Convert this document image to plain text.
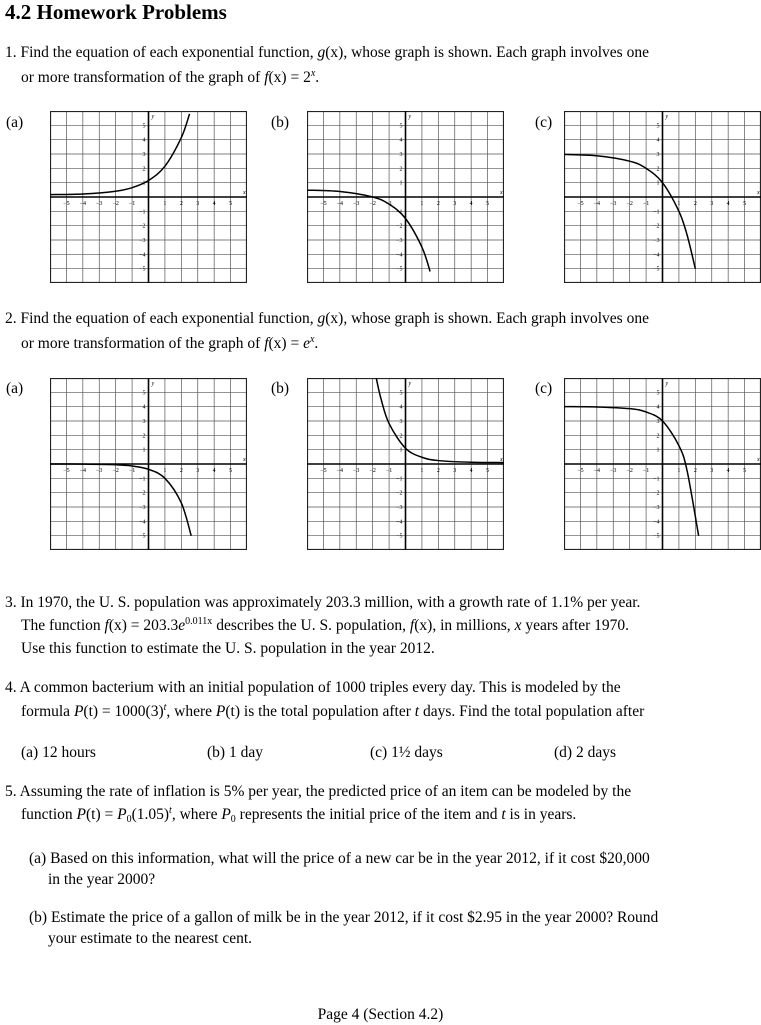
4.2 Homework Problems
1. Find the equation of each exponential function, g(x), whose graph is shown. Each graph involves one
or more transformation of the graph of $f(x) = 2^x$.
(a)	(b)	(c)
−5 −4 −3 −2 −1	1 2 3 4 5
5
4
3
2
1
−1
−2
−3
−4
−5
x
y
−5 −4 −3 −2 −1	1 2 3 4 5
5
4
3
2
1
−1
−2
−3
−4
−5
x
y
−5 −4 −3 −2 −1	1 2 3 4 5
5
4
3
2
1
−1
−2
−3
−4
−5
x
y
2. Find the equation of each exponential function, g(x), whose graph is shown. Each graph involves one
or more transformation of the graph of $f(x) = e^x$.
(a)	(b)	(c)
−5 −4 −3 −2 −1	1 2 3 4 5
5
4
3
2
1
−1
−2
−3
−4
−5
x
y
−5 −4 −3 −2 −1	1 2 3 4 5
5
4
3
2
1
−1
−2
−3
−4
−5
x
y
−5 −4 −3 −2 −1	1 2 3 4 5
5
4
3
2
1
−1
−2
−3
−4
−5
x
y
3. In 1970, the U. S. population was approximately 203.3 million, with a growth rate of 1.1% per year.
The function $f(x) = 203.3e^{0.011x}$ describes the U. S. population, f(x), in millions, x years after 1970.
Use this function to estimate the U. S. population in the year 2012.
4. A common bacterium with an initial population of 1000 triples every day. This is modeled by the
formula $P(t) = 1000(3)^t$, where P(t) is the total population after t days. Find the total population after
(a) 12 hours	(b) 1 day	(c) 1½ days	(d) 2 days
5. Assuming the rate of inflation is 5% per year, the predicted price of an item can be modeled by the
function $P(t) = P_0(1.05)^t$, where $P_0$ represents the initial price of the item and t is in years.
(a) Based on this information, what will the price of a new car be in the year 2012, if it cost $20,000
in the year 2000?
(b) Estimate the price of a gallon of milk be in the year 2012, if it cost $2.95 in the year 2000? Round
your estimate to the nearest cent.
Page 4 (Section 4.2)
